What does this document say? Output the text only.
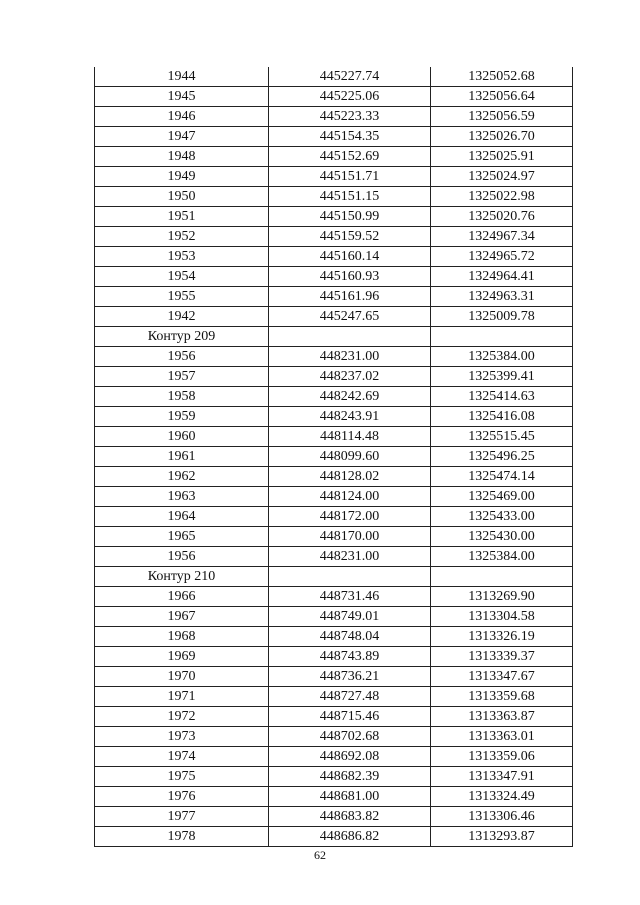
1944	445227.74	1325052.68
1945	445225.06	1325056.64
1946	445223.33	1325056.59
1947	445154.35	1325026.70
1948	445152.69	1325025.91
1949	445151.71	1325024.97
1950	445151.15	1325022.98
1951	445150.99	1325020.76
1952	445159.52	1324967.34
1953	445160.14	1324965.72
1954	445160.93	1324964.41
1955	445161.96	1324963.31
1942	445247.65	1325009.78
Контур 209		
1956	448231.00	1325384.00
1957	448237.02	1325399.41
1958	448242.69	1325414.63
1959	448243.91	1325416.08
1960	448114.48	1325515.45
1961	448099.60	1325496.25
1962	448128.02	1325474.14
1963	448124.00	1325469.00
1964	448172.00	1325433.00
1965	448170.00	1325430.00
1956	448231.00	1325384.00
Контур 210		
1966	448731.46	1313269.90
1967	448749.01	1313304.58
1968	448748.04	1313326.19
1969	448743.89	1313339.37
1970	448736.21	1313347.67
1971	448727.48	1313359.68
1972	448715.46	1313363.87
1973	448702.68	1313363.01
1974	448692.08	1313359.06
1975	448682.39	1313347.91
1976	448681.00	1313324.49
1977	448683.82	1313306.46
1978	448686.82	1313293.87
62
